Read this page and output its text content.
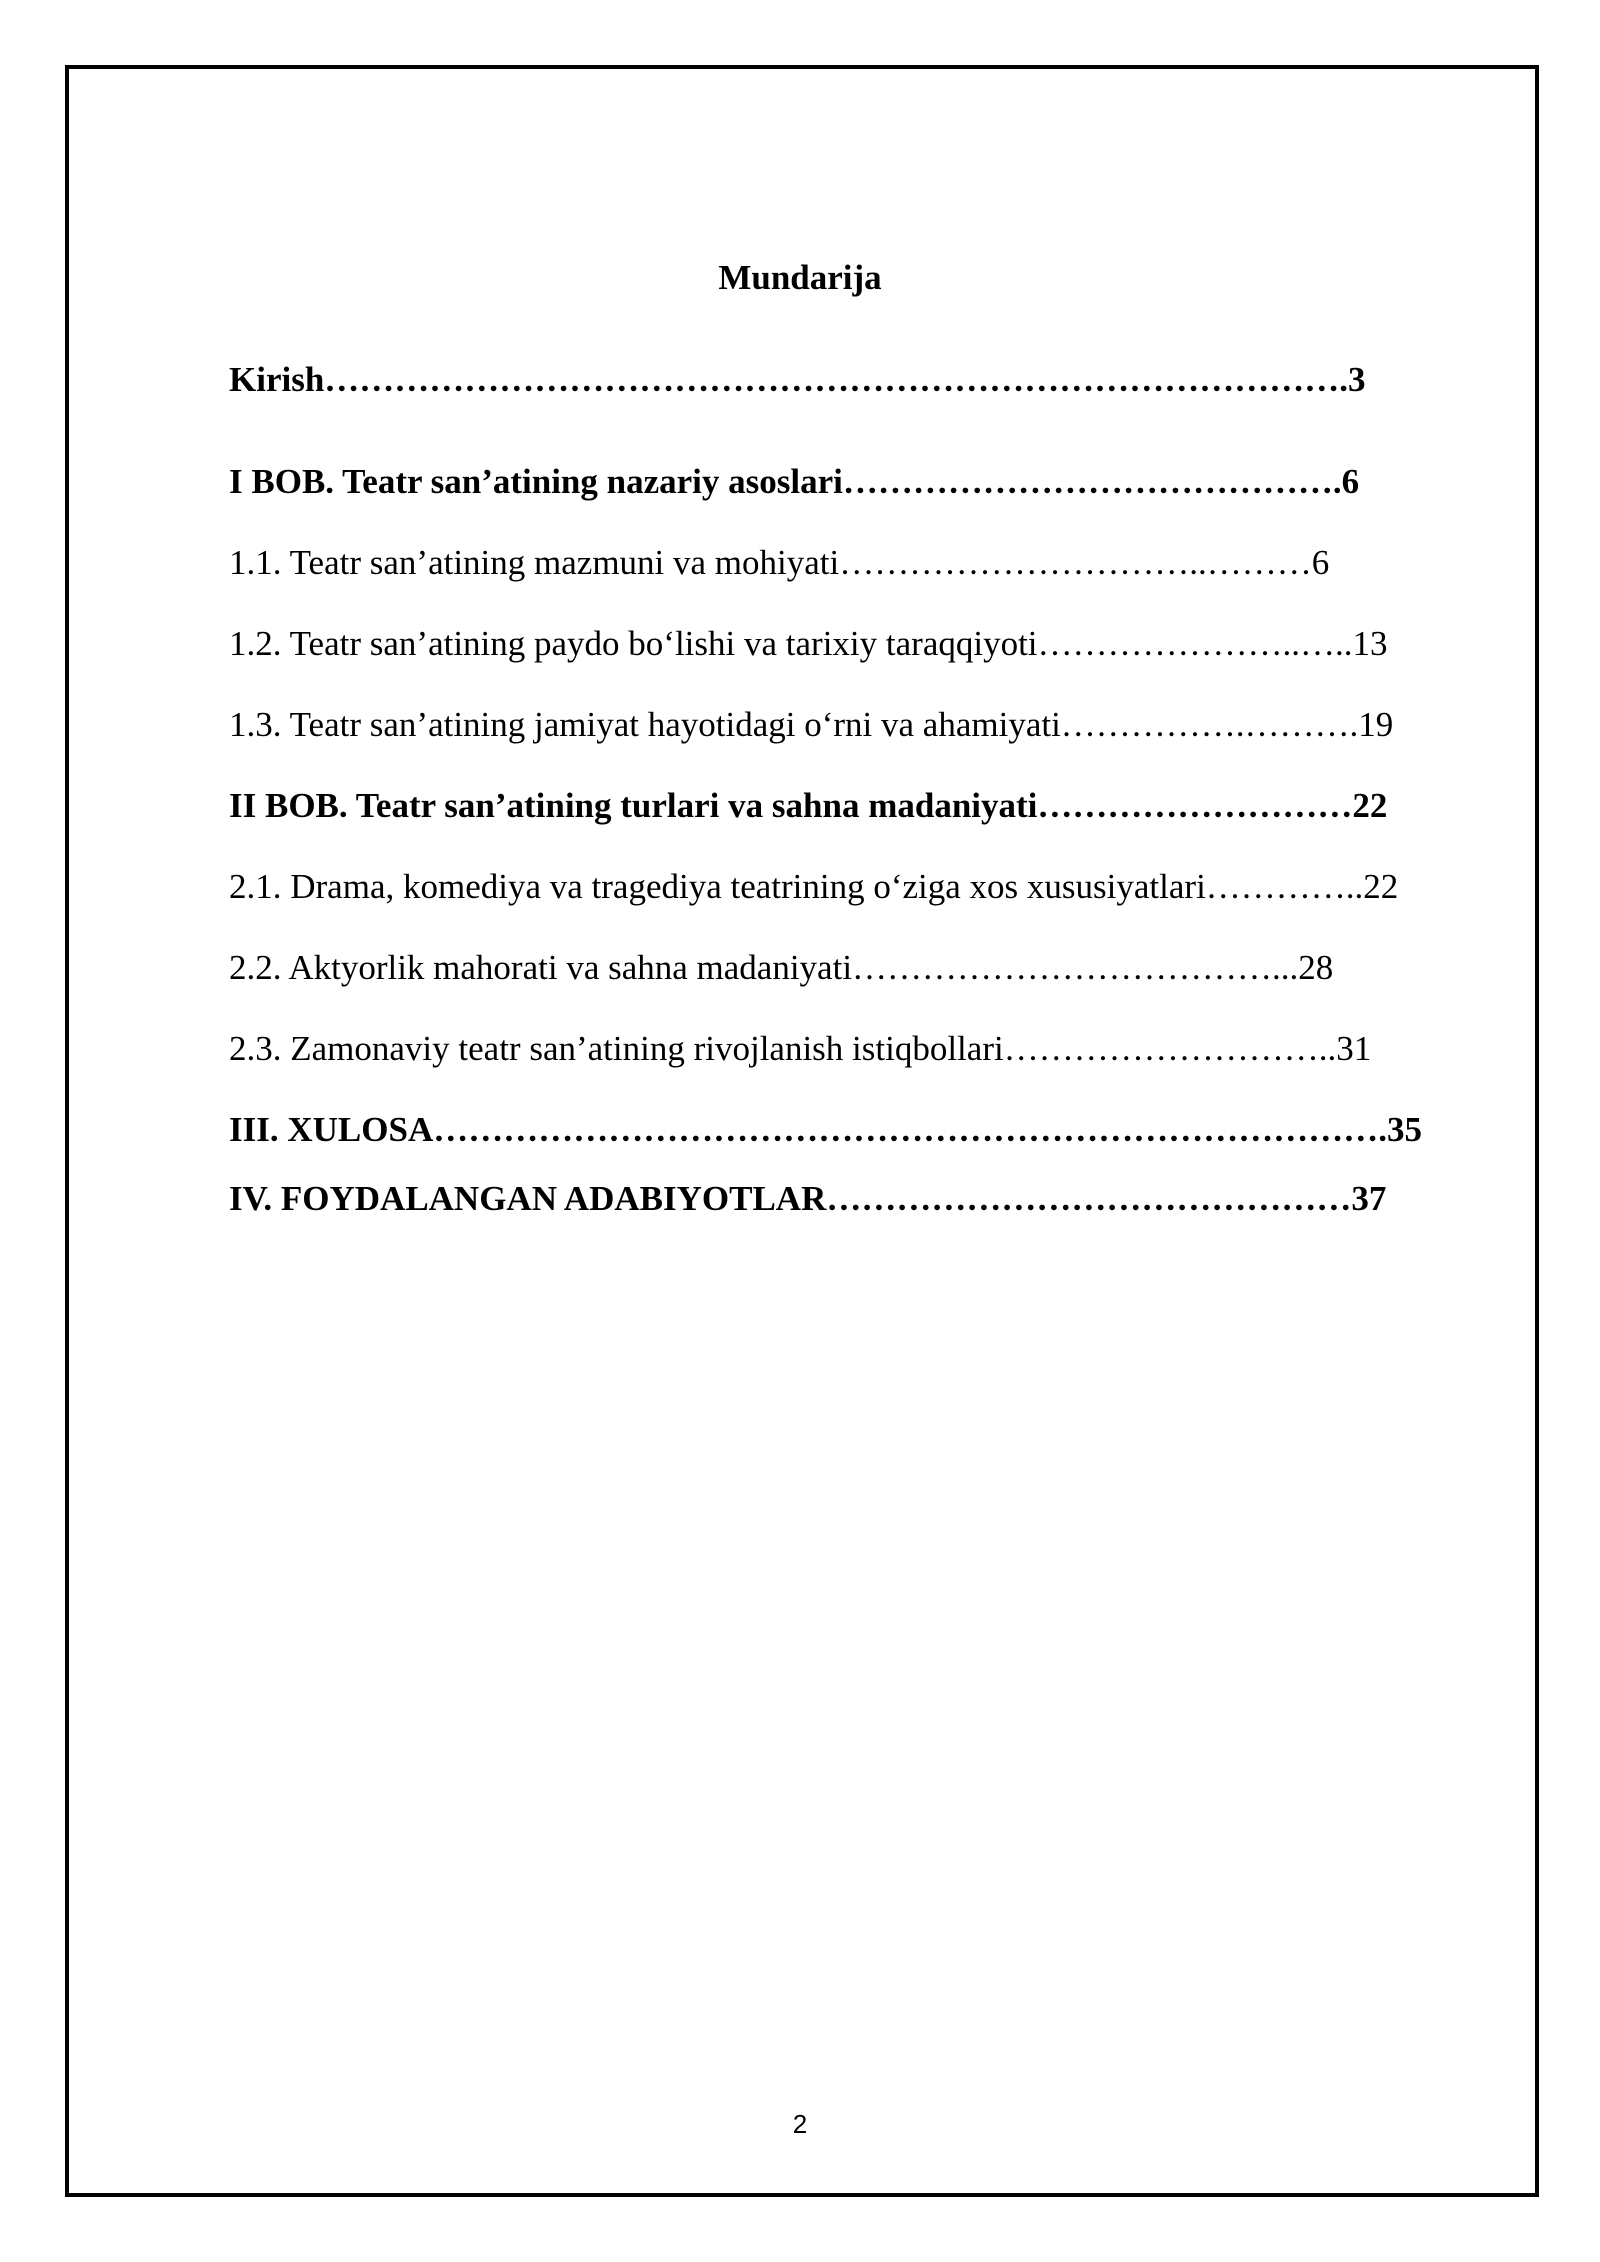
Mundarija
Kirish…………………………………………………………………………….3
I BOB. Teatr san’atining nazariy asoslari…………………………………….6
1.1. Teatr san’atining mazmuni va mohiyati…………………………..………6
1.2. Teatr san’atining paydo bo‘lishi va tarixiy taraqqiyoti…………………..…..13
1.3. Teatr san’atining jamiyat hayotidagi o‘rni va ahamiyati…………….……….19
II BOB. Teatr san’atining turlari va sahna madaniyati………………………22
2.1. Drama, komediya va tragediya teatrining o‘ziga xos xususiyatlari…………..22
2.2. Aktyorlik mahorati va sahna madaniyati………………………………...28
2.3. Zamonaviy teatr san’atining rivojlanish istiqbollari………………………..31
III. XULOSA……………………………………………………………………….35
IV. FOYDALANGAN ADABIYOTLAR………………………………………37
2
